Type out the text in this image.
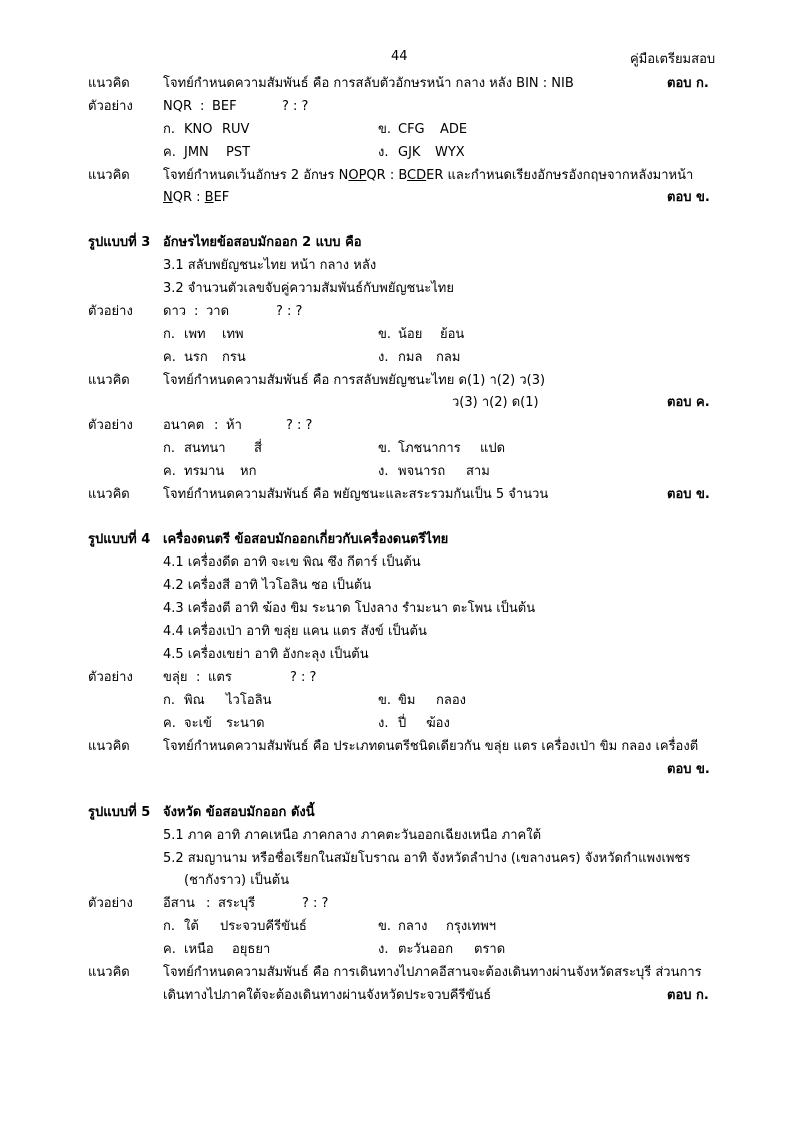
44	คู่มือเตรียมสอบ
แนวคิด	โจทย์กำหนดความสัมพันธ์ คือ การสลับตัวอักษรหน้า กลาง หลัง BIN : NIB	ตอบ ก.
ตัวอย่าง NQR : BEF	? : ?
ก. KNO RUV	ข. CFG ADE
ค. JMN PST	ง. GJK WYX
แนวคิด	โจทย์กำหนดเว้นอักษร 2 อักษร NOPQR : BCDER และกำหนดเรียงอักษรอังกฤษจากหลังมาหน้า
NQR : BEF	ตอบ ข.
รูปแบบที่ 3 อักษรไทยข้อสอบมักออก 2 แบบ คือ
3.1 สลับพยัญชนะไทย หน้า กลาง หลัง
3.2 จำนวนตัวเลขจับคู่ความสัมพันธ์กับพยัญชนะไทย
ตัวอย่าง ดาว : วาด	? : ?
ก. เพท เทพ	ข. น้อย ย้อน
ค. นรก กรน	ง. กมล กลม
แนวคิด	โจทย์กำหนดความสัมพันธ์ คือ การสลับพยัญชนะไทย ด(1) า(2) ว(3)
ว(3) า(2) ด(1)	ตอบ ค.
ตัวอย่าง อนาคต : ห้า	? : ?
ก. สนทนา สี่	ข. โภชนาการ แปด
ค. ทรมาน หก	ง. พจนารถ สาม
แนวคิด	โจทย์กำหนดความสัมพันธ์ คือ พยัญชนะและสระรวมกันเป็น 5 จำนวน	ตอบ ข.
รูปแบบที่ 4 เครื่องดนตรี ข้อสอบมักออกเกี่ยวกับเครื่องดนตรีไทย
4.1 เครื่องดีด อาทิ จะเข พิณ ซึง กีตาร์ เป็นต้น
4.2 เครื่องสี อาทิ ไวโอลิน ซอ เป็นต้น
4.3 เครื่องตี อาทิ ฆ้อง ขิม ระนาด โปงลาง รำมะนา ตะโพน เป็นต้น
4.4 เครื่องเป่า อาทิ ขลุ่ย แคน แตร สังข์ เป็นต้น
4.5 เครื่องเขย่า อาทิ อังกะลุง เป็นต้น
ตัวอย่าง ขลุ่ย : แตร	? : ?
ก. พิณ ไวโอลิน	ข. ขิม กลอง
ค. จะเข้ ระนาด	ง. ปี่ ฆ้อง
แนวคิด	โจทย์กำหนดความสัมพันธ์ คือ ประเภทดนตรีชนิดเดียวกัน ขลุ่ย แตร เครื่องเป่า ขิม กลอง เครื่องตี
ตอบ ข.
รูปแบบที่ 5 จังหวัด ข้อสอบมักออก ดังนี้
5.1 ภาค อาทิ ภาคเหนือ ภาคกลาง ภาคตะวันออกเฉียงเหนือ ภาคใต้
5.2 สมญานาม หรือชื่อเรียกในสมัยโบราณ อาทิ จังหวัดลำปาง (เขลางนคร) จังหวัดกำแพงเพชร
(ชากังราว) เป็นต้น
ตัวอย่าง อีสาน : สระบุรี	? : ?
ก. ใต้ ประจวบคีรีขันธ์	ข. กลาง กรุงเทพฯ
ค. เหนือ อยุธยา	ง. ตะวันออก ตราด
แนวคิด	โจทย์กำหนดความสัมพันธ์ คือ การเดินทางไปภาคอีสานจะต้องเดินทางผ่านจังหวัดสระบุรี ส่วนการ
เดินทางไปภาคใต้จะต้องเดินทางผ่านจังหวัดประจวบคีรีขันธ์	ตอบ ก.
